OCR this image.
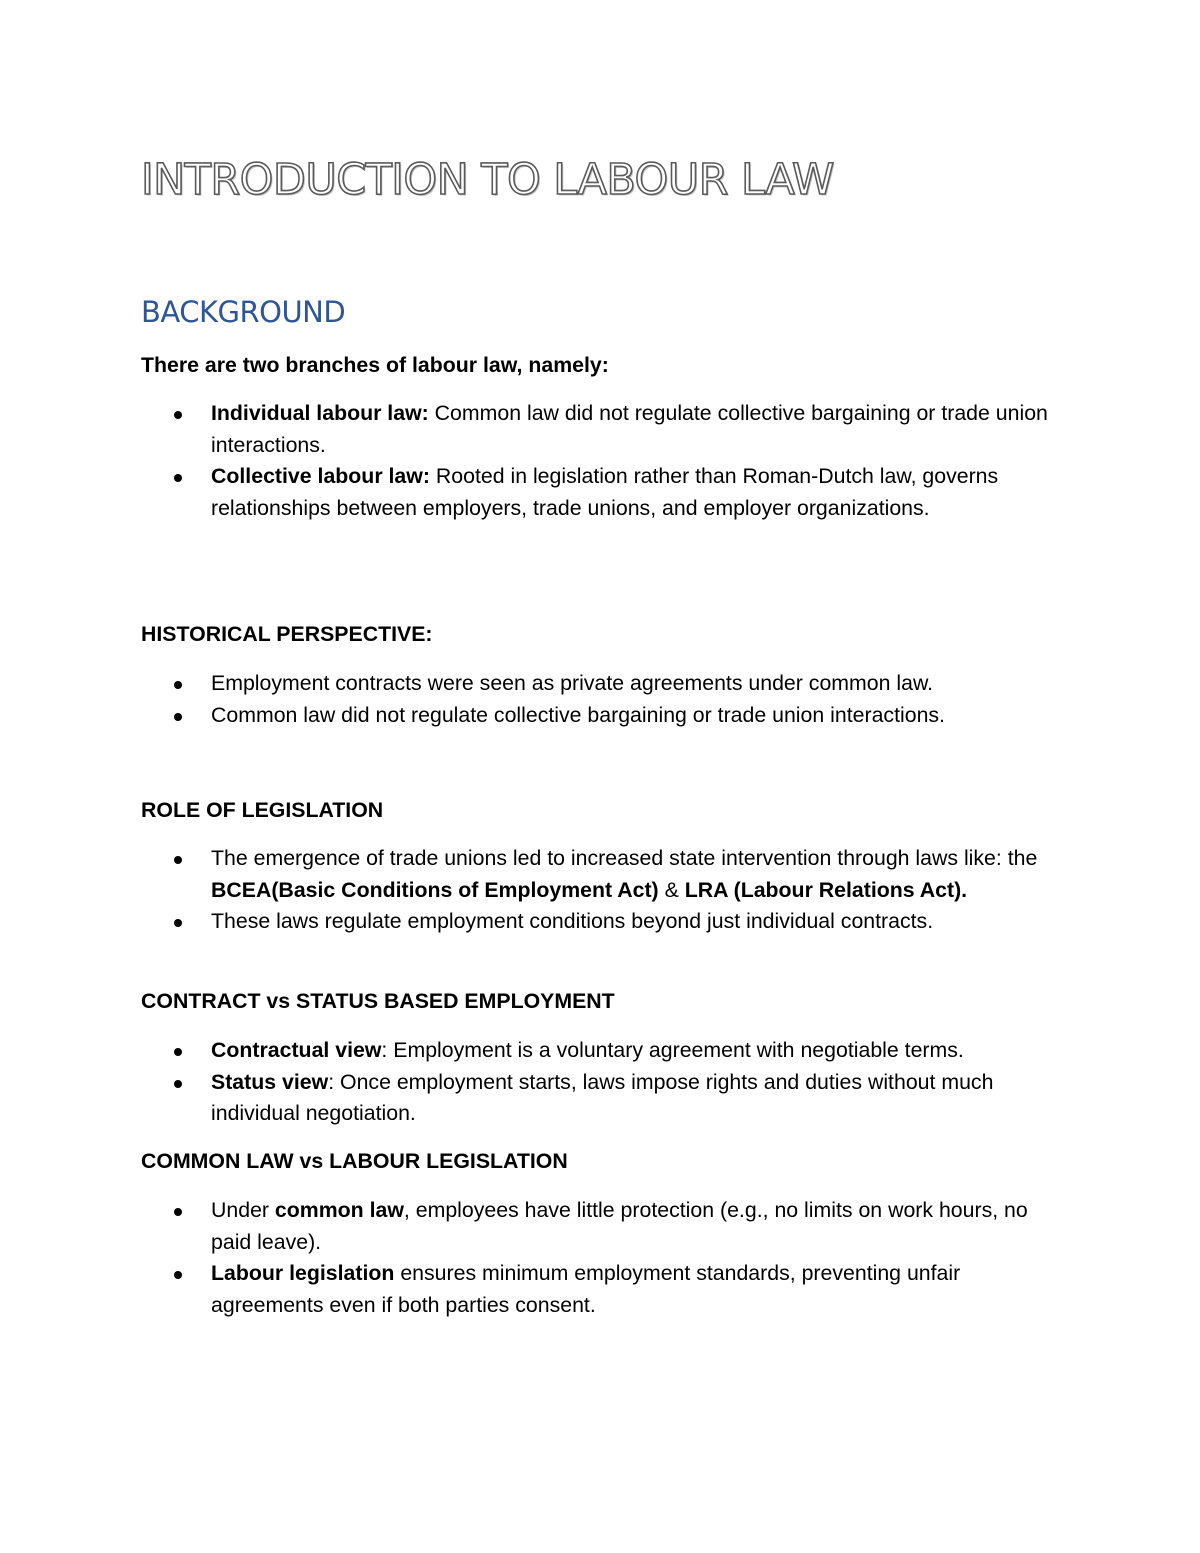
INTRODUCTION TO LABOUR LAW
BACKGROUND

There are two branches of labour law, namely:

Individual labour law: Common law did not regulate collective bargaining or trade union interactions.
Collective labour law: Rooted in legislation rather than Roman-Dutch law, governs relationships between employers, trade unions, and employer organizations.

HISTORICAL PERSPECTIVE:

Employment contracts were seen as private agreements under common law.
Common law did not regulate collective bargaining or trade union interactions.

ROLE OF LEGISLATION

The emergence of trade unions led to increased state intervention through laws like: the BCEA(Basic Conditions of Employment Act) & LRA (Labour Relations Act).
These laws regulate employment conditions beyond just individual contracts.

CONTRACT vs STATUS BASED EMPLOYMENT

Contractual view: Employment is a voluntary agreement with negotiable terms.
Status view: Once employment starts, laws impose rights and duties without much individual negotiation.

COMMON LAW vs LABOUR LEGISLATION

Under common law, employees have little protection (e.g., no limits on work hours, no paid leave).
Labour legislation ensures minimum employment standards, preventing unfair agreements even if both parties consent.
